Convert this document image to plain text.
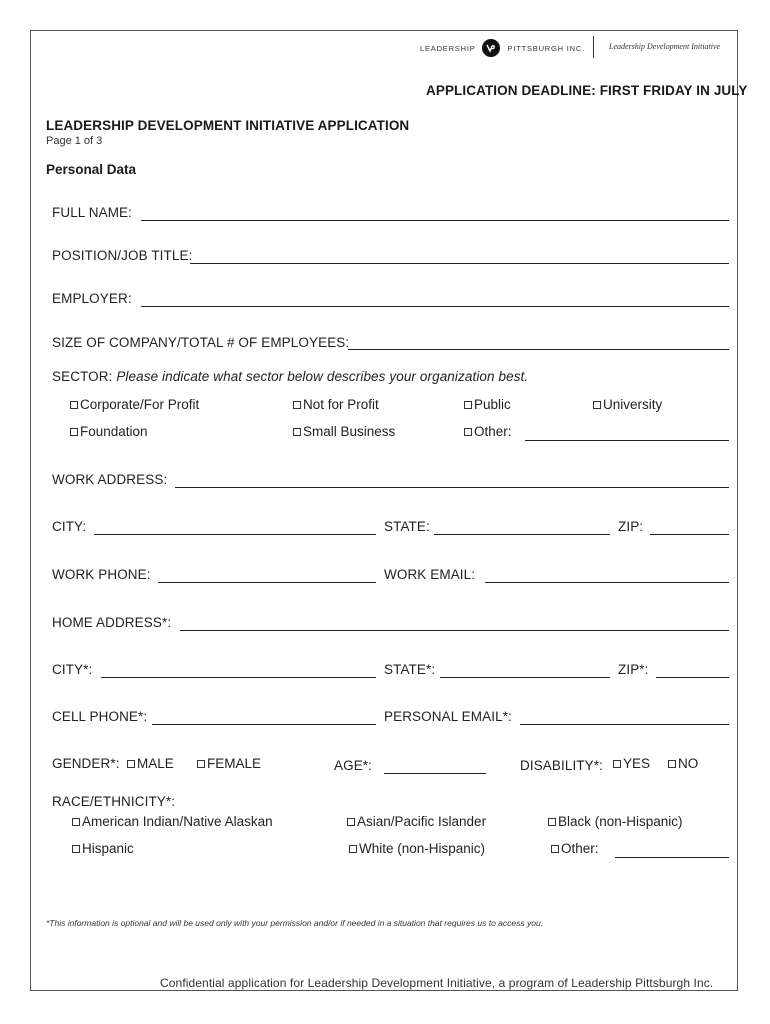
LEADERSHIP	PITTSBURGH INC.	Leadership Development Initiative
APPLICATION DEADLINE: FIRST FRIDAY IN JULY
LEADERSHIP DEVELOPMENT INITIATIVE APPLICATION
Page 1 of 3
Personal Data
FULL NAME:
POSITION/JOB TITLE:
EMPLOYER:
SIZE OF COMPANY/TOTAL # OF EMPLOYEES:
SECTOR: Please indicate what sector below describes your organization best.
Corporate/For Profit	Not for Profit	Public	University
Foundation	Small Business	Other:
WORK ADDRESS:
CITY:	STATE:	ZIP:
WORK PHONE:	WORK EMAIL:
HOME ADDRESS*:
CITY*:	STATE*:	ZIP*:
CELL PHONE*:	PERSONAL EMAIL*:
GENDER*:	MALE	FEMALE	AGE*:	DISABILITY*:	YES	NO
RACE/ETHNICITY*:
American Indian/Native Alaskan	Asian/Pacific Islander	Black (non-Hispanic)
Hispanic	White (non-Hispanic)	Other:
*This information is optional and will be used only with your permission and/or if needed in a situation that requires us to access you.
Confidential application for Leadership Development Initiative, a program of Leadership Pittsburgh Inc.
